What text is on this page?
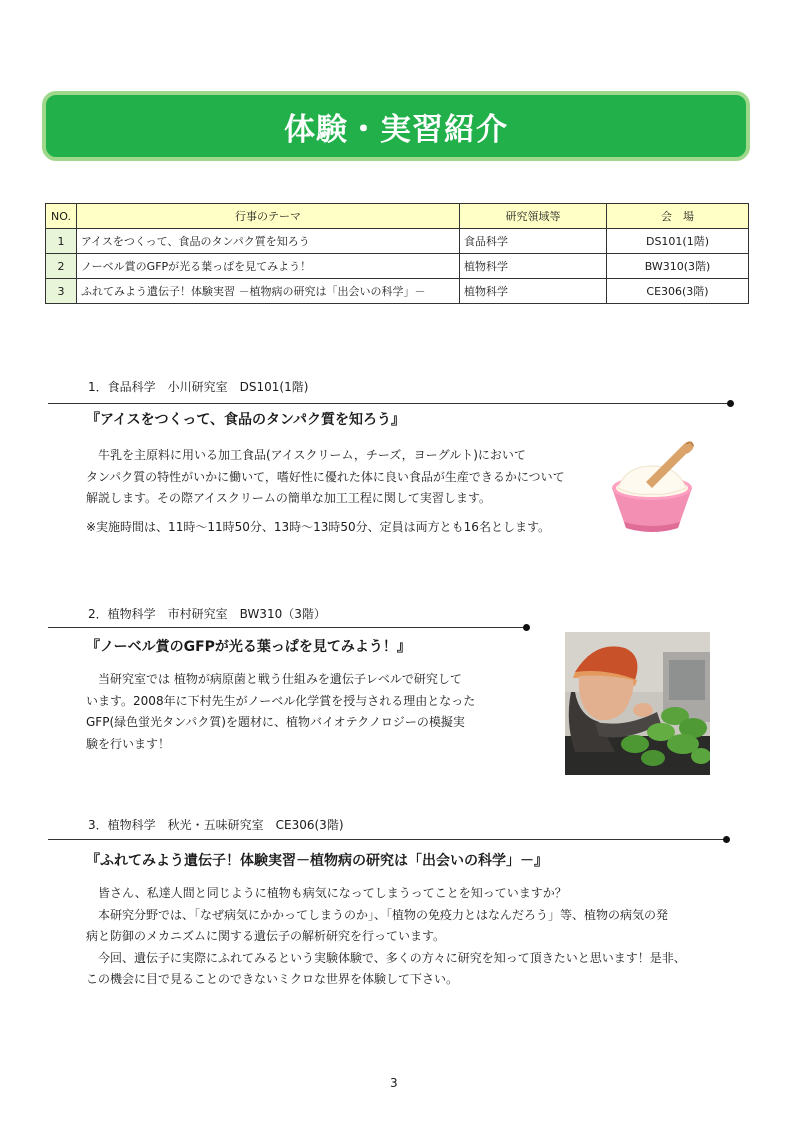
体験・実習紹介
NO.	行事のテーマ	研究領域等	会　場
1	アイスをつくって、食品のタンパク質を知ろう	食品科学	DS101(1階)
2	ノーベル賞のGFPが光る葉っぱを見てみよう！	植物科学	BW310(3階)
3	ふれてみよう遺伝子！体験実習 －植物病の研究は「出会いの科学」－	植物科学	CE306(3階)
1．食品科学　小川研究室　DS101(1階)
『アイスをつくって、食品のタンパク質を知ろう』

　牛乳を主原料に用いる加工食品(アイスクリーム，チーズ，ヨーグルト)において

タンパク質の特性がいかに働いて，嗜好性に優れた体に良い食品が生産できるかについて

解説します。その際アイスクリームの簡単な加工工程に関して実習します。

※実施時間は、11時～11時50分、13時～13時50分、定員は両方とも16名とします。
2．植物科学　市村研究室　BW310（3階）
『ノーベル賞のGFPが光る葉っぱを見てみよう！』

　当研究室では 植物が病原菌と戦う仕組みを遺伝子レベルで研究して

います。2008年に下村先生がノーベル化学賞を授与される理由となった

GFP(緑色蛍光タンパク質)を題材に、植物バイオテクノロジーの模擬実

験を行います！

3．植物科学　秋光・五味研究室　CE306(3階)
『ふれてみよう遺伝子！体験実習－植物病の研究は「出会いの科学」－』

　皆さん、私達人間と同じように植物も病気になってしまうってことを知っていますか？

　本研究分野では、「なぜ病気にかかってしまうのか」、「植物の免疫力とはなんだろう」等、植物の病気の発

病と防御のメカニズムに関する遺伝子の解析研究を行っています。

　今回、遺伝子に実際にふれてみるという実験体験で、多くの方々に研究を知って頂きたいと思います！是非、

この機会に目で見ることのできないミクロな世界を体験して下さい。

3
